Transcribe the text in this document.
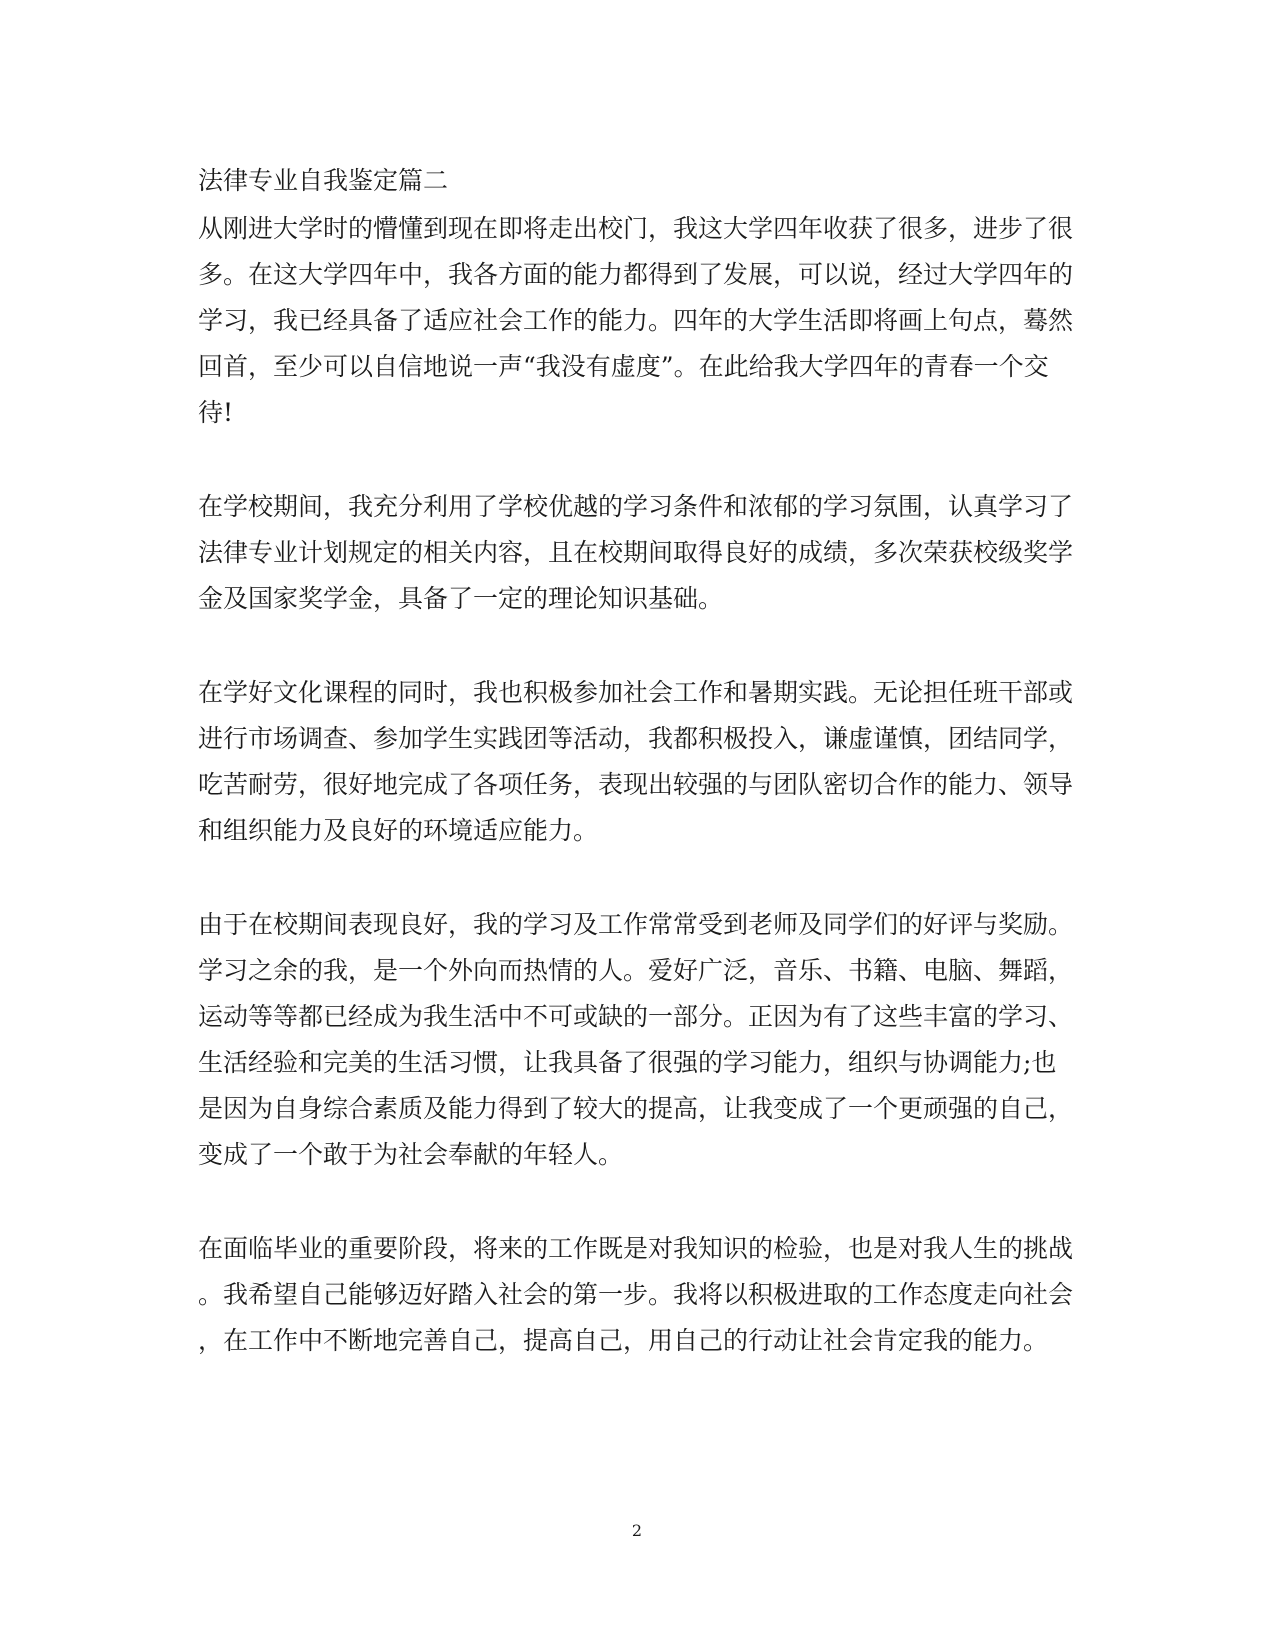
法律专业自我鉴定篇二
从刚进大学时的懵懂到现在即将走出校门，我这大学四年收获了很多，进步了很
多。在这大学四年中，我各方面的能力都得到了发展，可以说，经过大学四年的
学习，我已经具备了适应社会工作的能力。四年的大学生活即将画上句点，蓦然
回首，至少可以自信地说一声“我没有虚度”。在此给我大学四年的青春一个交
待!
在学校期间，我充分利用了学校优越的学习条件和浓郁的学习氛围，认真学习了
法律专业计划规定的相关内容，且在校期间取得良好的成绩，多次荣获校级奖学
金及国家奖学金，具备了一定的理论知识基础。
在学好文化课程的同时，我也积极参加社会工作和暑期实践。无论担任班干部或
进行市场调查、参加学生实践团等活动，我都积极投入，谦虚谨慎，团结同学，
吃苦耐劳，很好地完成了各项任务，表现出较强的与团队密切合作的能力、领导
和组织能力及良好的环境适应能力。
由于在校期间表现良好，我的学习及工作常常受到老师及同学们的好评与奖励。
学习之余的我，是一个外向而热情的人。爱好广泛，音乐、书籍、电脑、舞蹈，
运动等等都已经成为我生活中不可或缺的一部分。正因为有了这些丰富的学习、
生活经验和完美的生活习惯，让我具备了很强的学习能力，组织与协调能力;也
是因为自身综合素质及能力得到了较大的提高，让我变成了一个更顽强的自己，
变成了一个敢于为社会奉献的年轻人。
在面临毕业的重要阶段，将来的工作既是对我知识的检验，也是对我人生的挑战
。我希望自己能够迈好踏入社会的第一步。我将以积极进取的工作态度走向社会
，在工作中不断地完善自己，提高自己，用自己的行动让社会肯定我的能力。
2
